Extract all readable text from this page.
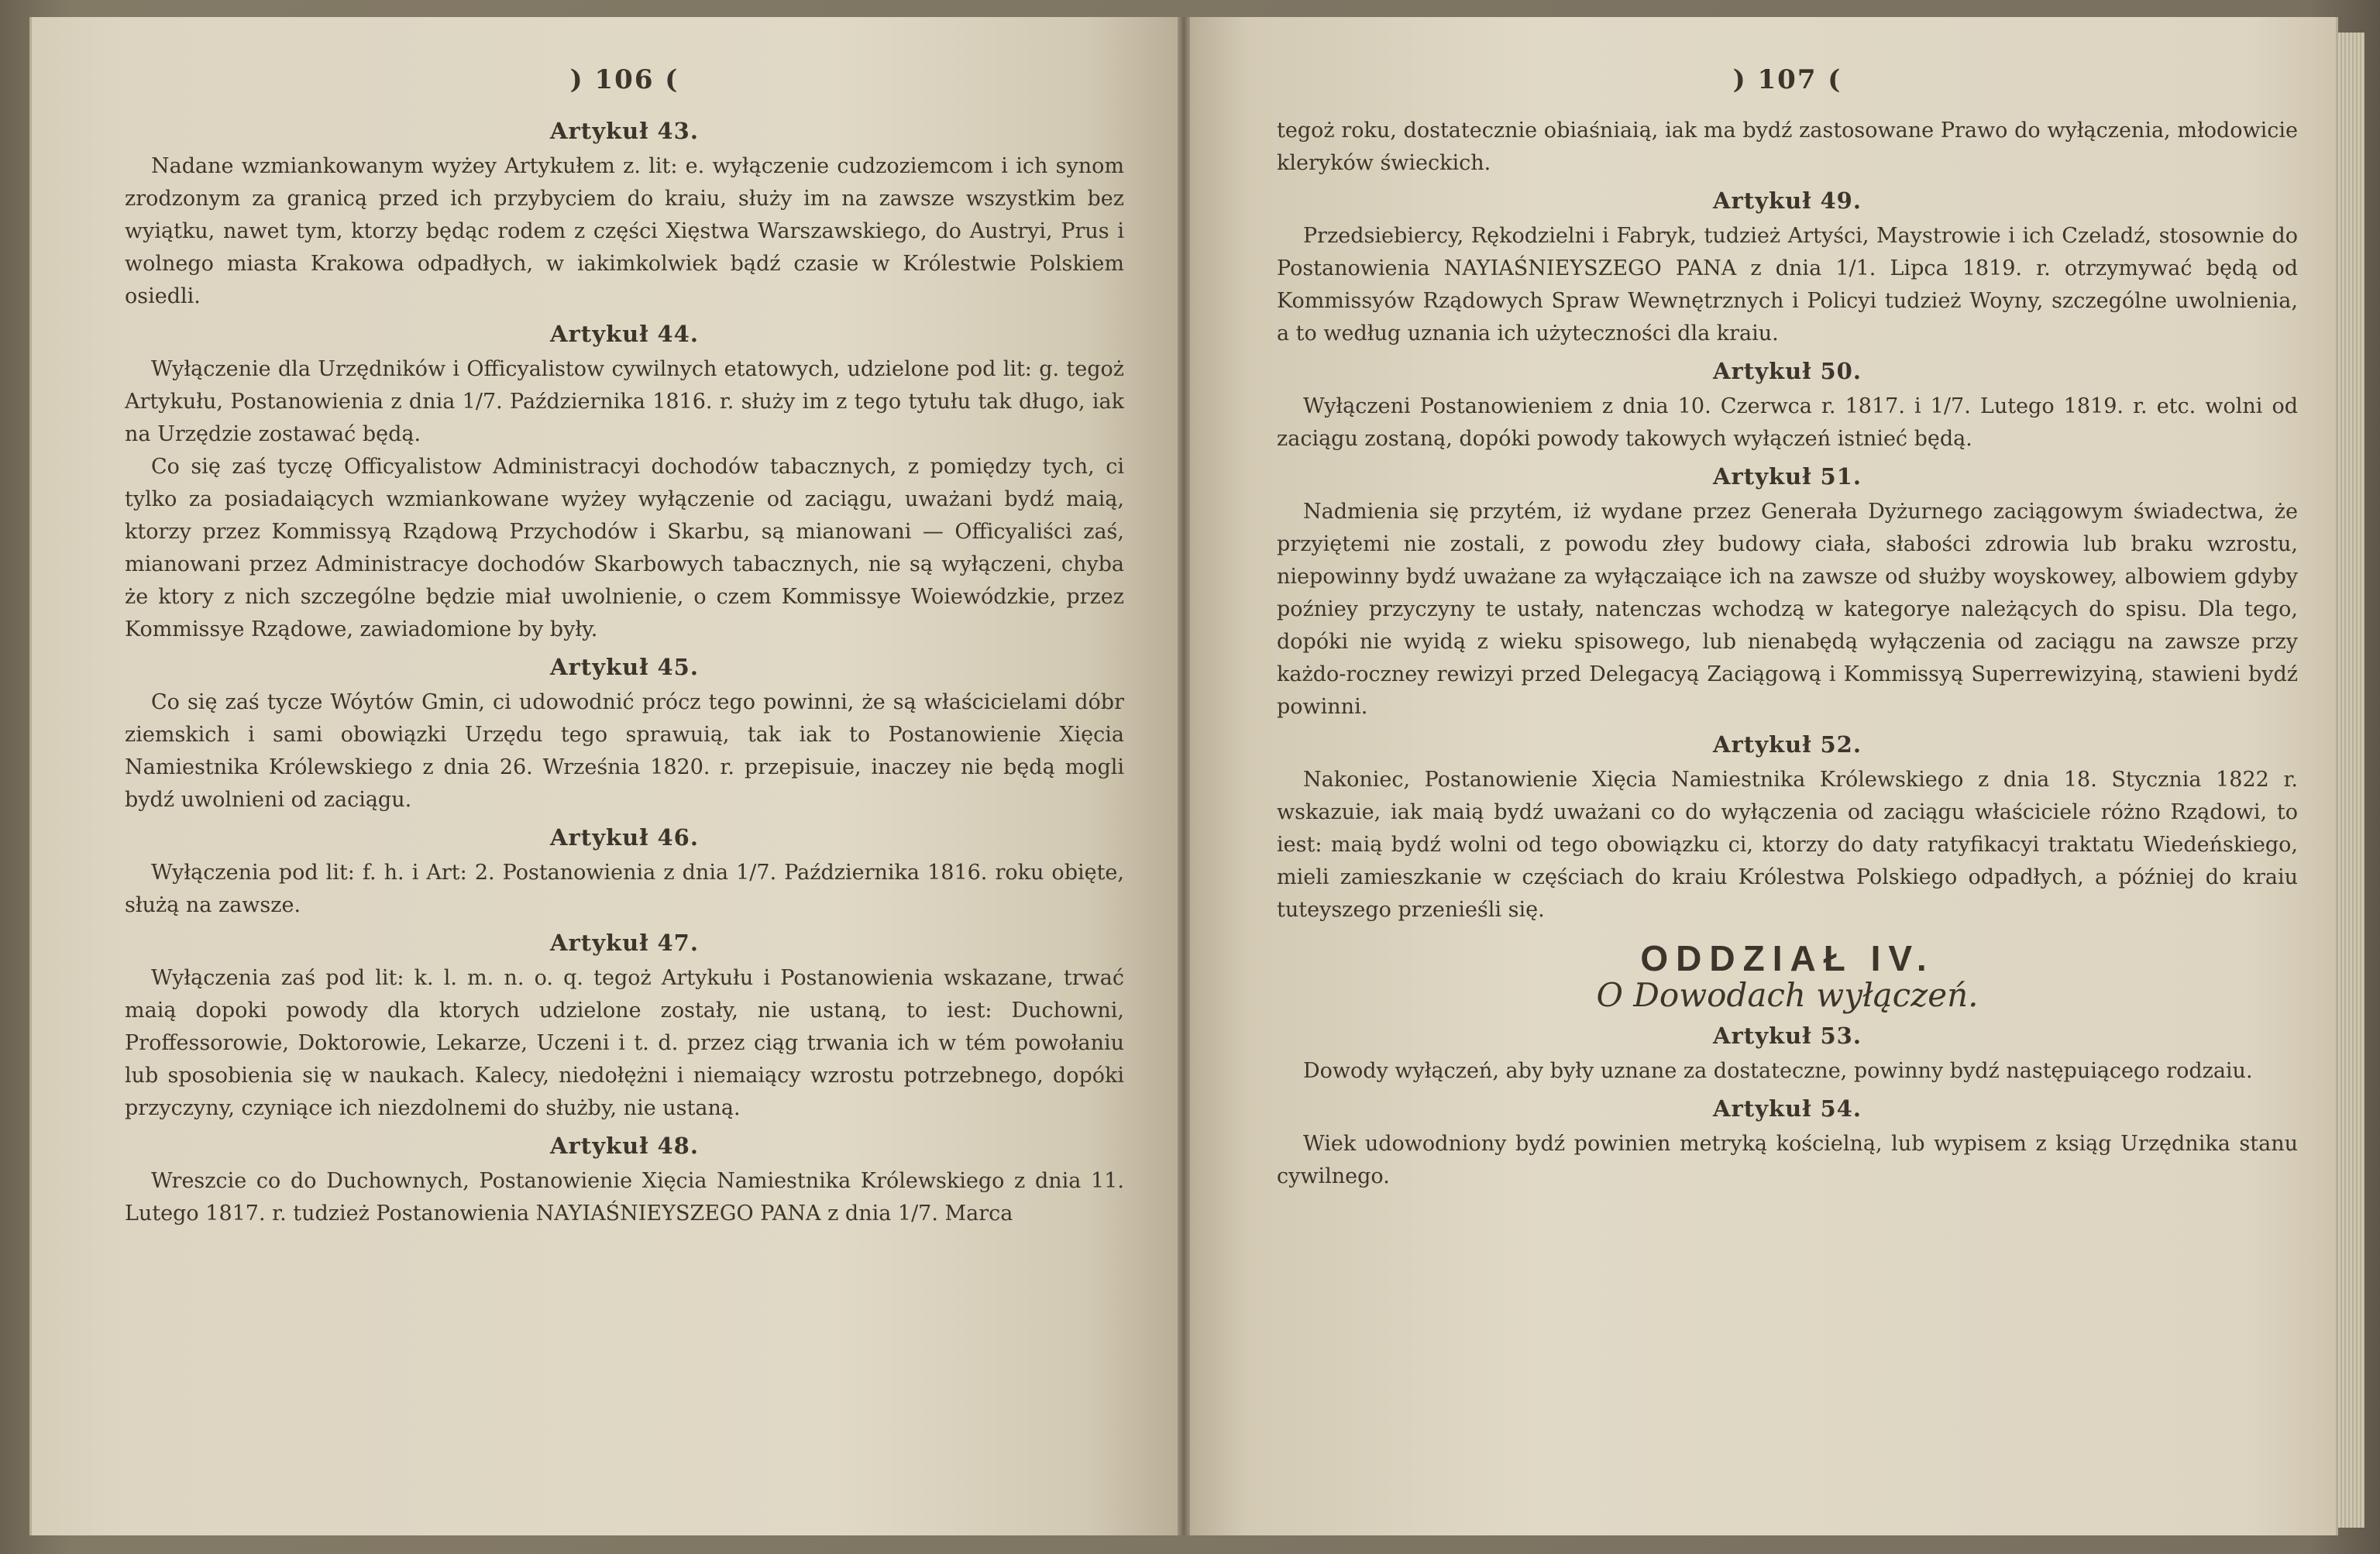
) 106 (
Artykuł 43.

Nadane wzmiankowanym wyżey Artykułem z. lit: e. wyłączenie cudzoziemcom i ich synom zrodzonym za granicą przed ich przybyciem do kraiu, służy im na zawsze wszystkim bez wyiątku, nawet tym, ktorzy będąc rodem z części Xięstwa Warszawskiego, do Austryi, Prus i wolnego miasta Krakowa odpadłych, w iakimkolwiek bądź czasie w Królestwie Polskiem osiedli.

Artykuł 44.

Wyłączenie dla Urzędników i Officyalistow cywilnych etatowych, udzielone pod lit: g. tegoż Artykułu, Postanowienia z dnia 1/7. Października 1816. r. służy im z tego tytułu tak długo, iak na Urzędzie zostawać będą.

Co się zaś tyczę Officyalistow Administracyi dochodów tabacznych, z pomiędzy tych, ci tylko za posiadaiących wzmiankowane wyżey wyłączenie od zaciągu, uważani bydź maią, ktorzy przez Kommissyą Rządową Przychodów i Skarbu, są mianowani — Officyaliści zaś, mianowani przez Administracye dochodów Skarbowych tabacznych, nie są wyłączeni, chyba że ktory z nich szczególne będzie miał uwolnienie, o czem Kommissye Woiewódzkie, przez Kommissye Rządowe, zawiadomione by były.

Artykuł 45.

Co się zaś tycze Wóytów Gmin, ci udowodnić prócz tego powinni, że są właścicielami dóbr ziemskich i sami obowiązki Urzędu tego sprawuią, tak iak to Postanowienie Xięcia Namiestnika Królewskiego z dnia 26. Września 1820. r. przepisuie, inaczey nie będą mogli bydź uwolnieni od zaciągu.

Artykuł 46.

Wyłączenia pod lit: f. h. i Art: 2. Postanowienia z dnia 1/7. Października 1816. roku obięte, służą na zawsze.

Artykuł 47.

Wyłączenia zaś pod lit: k. l. m. n. o. q. tegoż Artykułu i Postanowienia wskazane, trwać maią dopoki powody dla ktorych udzielone zostały, nie ustaną, to iest: Duchowni, Proffessorowie, Doktorowie, Lekarze, Uczeni i t. d. przez ciąg trwania ich w tém powołaniu lub sposobienia się w naukach. Kalecy, niedołężni i niemaiący wzrostu potrzebnego, dopóki przyczyny, czyniące ich niezdolnemi do służby, nie ustaną.

Artykuł 48.

Wreszcie co do Duchownych, Postanowienie Xięcia Namiestnika Królewskiego z dnia 11. Lutego 1817. r. tudzież Postanowienia NAYIAŚNIEYSZEGO PANA z dnia 1/7. Marca

) 107 (

tegoż roku, dostatecznie obiaśniaią, iak ma bydź zastosowane Prawo do wyłączenia, młodowicie kleryków świeckich.

Artykuł 49.

Przedsiebiercy, Rękodzielni i Fabryk, tudzież Artyści, Maystrowie i ich Czeladź, stosownie do Postanowienia NAYIAŚNIEYSZEGO PANA z dnia 1/1. Lipca 1819. r. otrzymywać będą od Kommissyów Rządowych Spraw Wewnętrznych i Policyi tudzież Woyny, szczególne uwolnienia, a to według uznania ich użyteczności dla kraiu.

Artykuł 50.

Wyłączeni Postanowieniem z dnia 10. Czerwca r. 1817. i 1/7. Lutego 1819. r. etc. wolni od zaciągu zostaną, dopóki powody takowych wyłączeń istnieć będą.

Artykuł 51.

Nadmienia się przytém, iż wydane przez Generała Dyżurnego zaciągowym świadectwa, że przyiętemi nie zostali, z powodu złey budowy ciała, słabości zdrowia lub braku wzrostu, niepowinny bydź uważane za wyłączaiące ich na zawsze od służby woyskowey, albowiem gdyby poźniey przyczyny te ustały, natenczas wchodzą w kategorye należących do spisu. Dla tego, dopóki nie wyidą z wieku spisowego, lub nienabędą wyłączenia od zaciągu na zawsze przy każdo-roczney rewizyi przed Delegacyą Zaciągową i Kommissyą Superrewizyiną, stawieni bydź powinni.

Artykuł 52.

Nakoniec, Postanowienie Xięcia Namiestnika Królewskiego z dnia 18. Stycznia 1822 r. wskazuie, iak maią bydź uważani co do wyłączenia od zaciągu właściciele różno Rządowi, to iest: maią bydź wolni od tego obowiązku ci, ktorzy do daty ratyfikacyi traktatu Wiedeńskiego, mieli zamieszkanie w częściach do kraiu Królestwa Polskiego odpadłych, a później do kraiu tuteyszego przenieśli się.

ODDZIAŁ IV.
O Dowodach wyłączeń.
Artykuł 53.

Dowody wyłączeń, aby były uznane za dostateczne, powinny bydź następuiącego rodzaiu.

Artykuł 54.

Wiek udowodniony bydź powinien metryką kościelną, lub wypisem z ksiąg Urzędnika stanu cywilnego.
